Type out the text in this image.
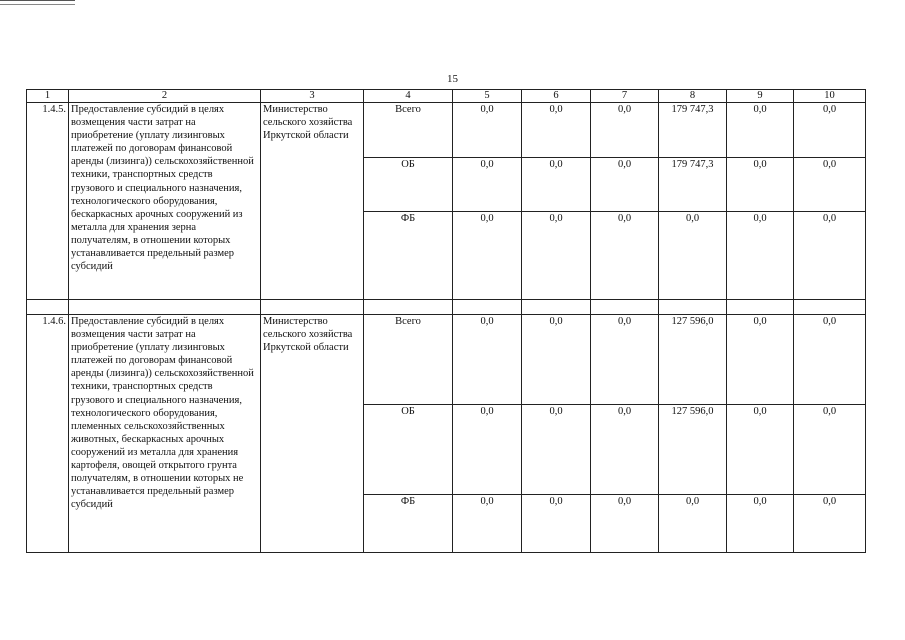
15
1	2	3	4	5	6	7	8	9	10
1.4.5.	Предоставление субсидий в целях возмещения части затрат на приобретение (уплату лизинговых платежей по договорам финансовой аренды (лизинга)) сельскохозяйственной техники, транспортных средств грузового и специального назначения, технологического оборудования, бескаркасных арочных сооружений из металла для хранения зерна получателям, в отношении которых устанавливается предельный размер субсидий	Министерство сельского хозяйства Иркутской области	Всего	0,0	0,0	0,0	179 747,3	0,0	0,0
			ОБ	0,0	0,0	0,0	179 747,3	0,0	0,0
			ФБ	0,0	0,0	0,0	0,0	0,0	0,0

1.4.6.	Предоставление субсидий в целях возмещения части затрат на приобретение (уплату лизинговых платежей по договорам финансовой аренды (лизинга)) сельскохозяйственной техники, транспортных средств грузового и специального назначения, технологического оборудования, племенных сельскохозяйственных животных, бескаркасных арочных сооружений из металла для хранения картофеля, овощей открытого грунта получателям, в отношении которых не устанавливается предельный размер субсидий	Министерство сельского хозяйства Иркутской области	Всего	0,0	0,0	0,0	127 596,0	0,0	0,0
			ОБ	0,0	0,0	0,0	127 596,0	0,0	0,0
			ФБ	0,0	0,0	0,0	0,0	0,0	0,0
